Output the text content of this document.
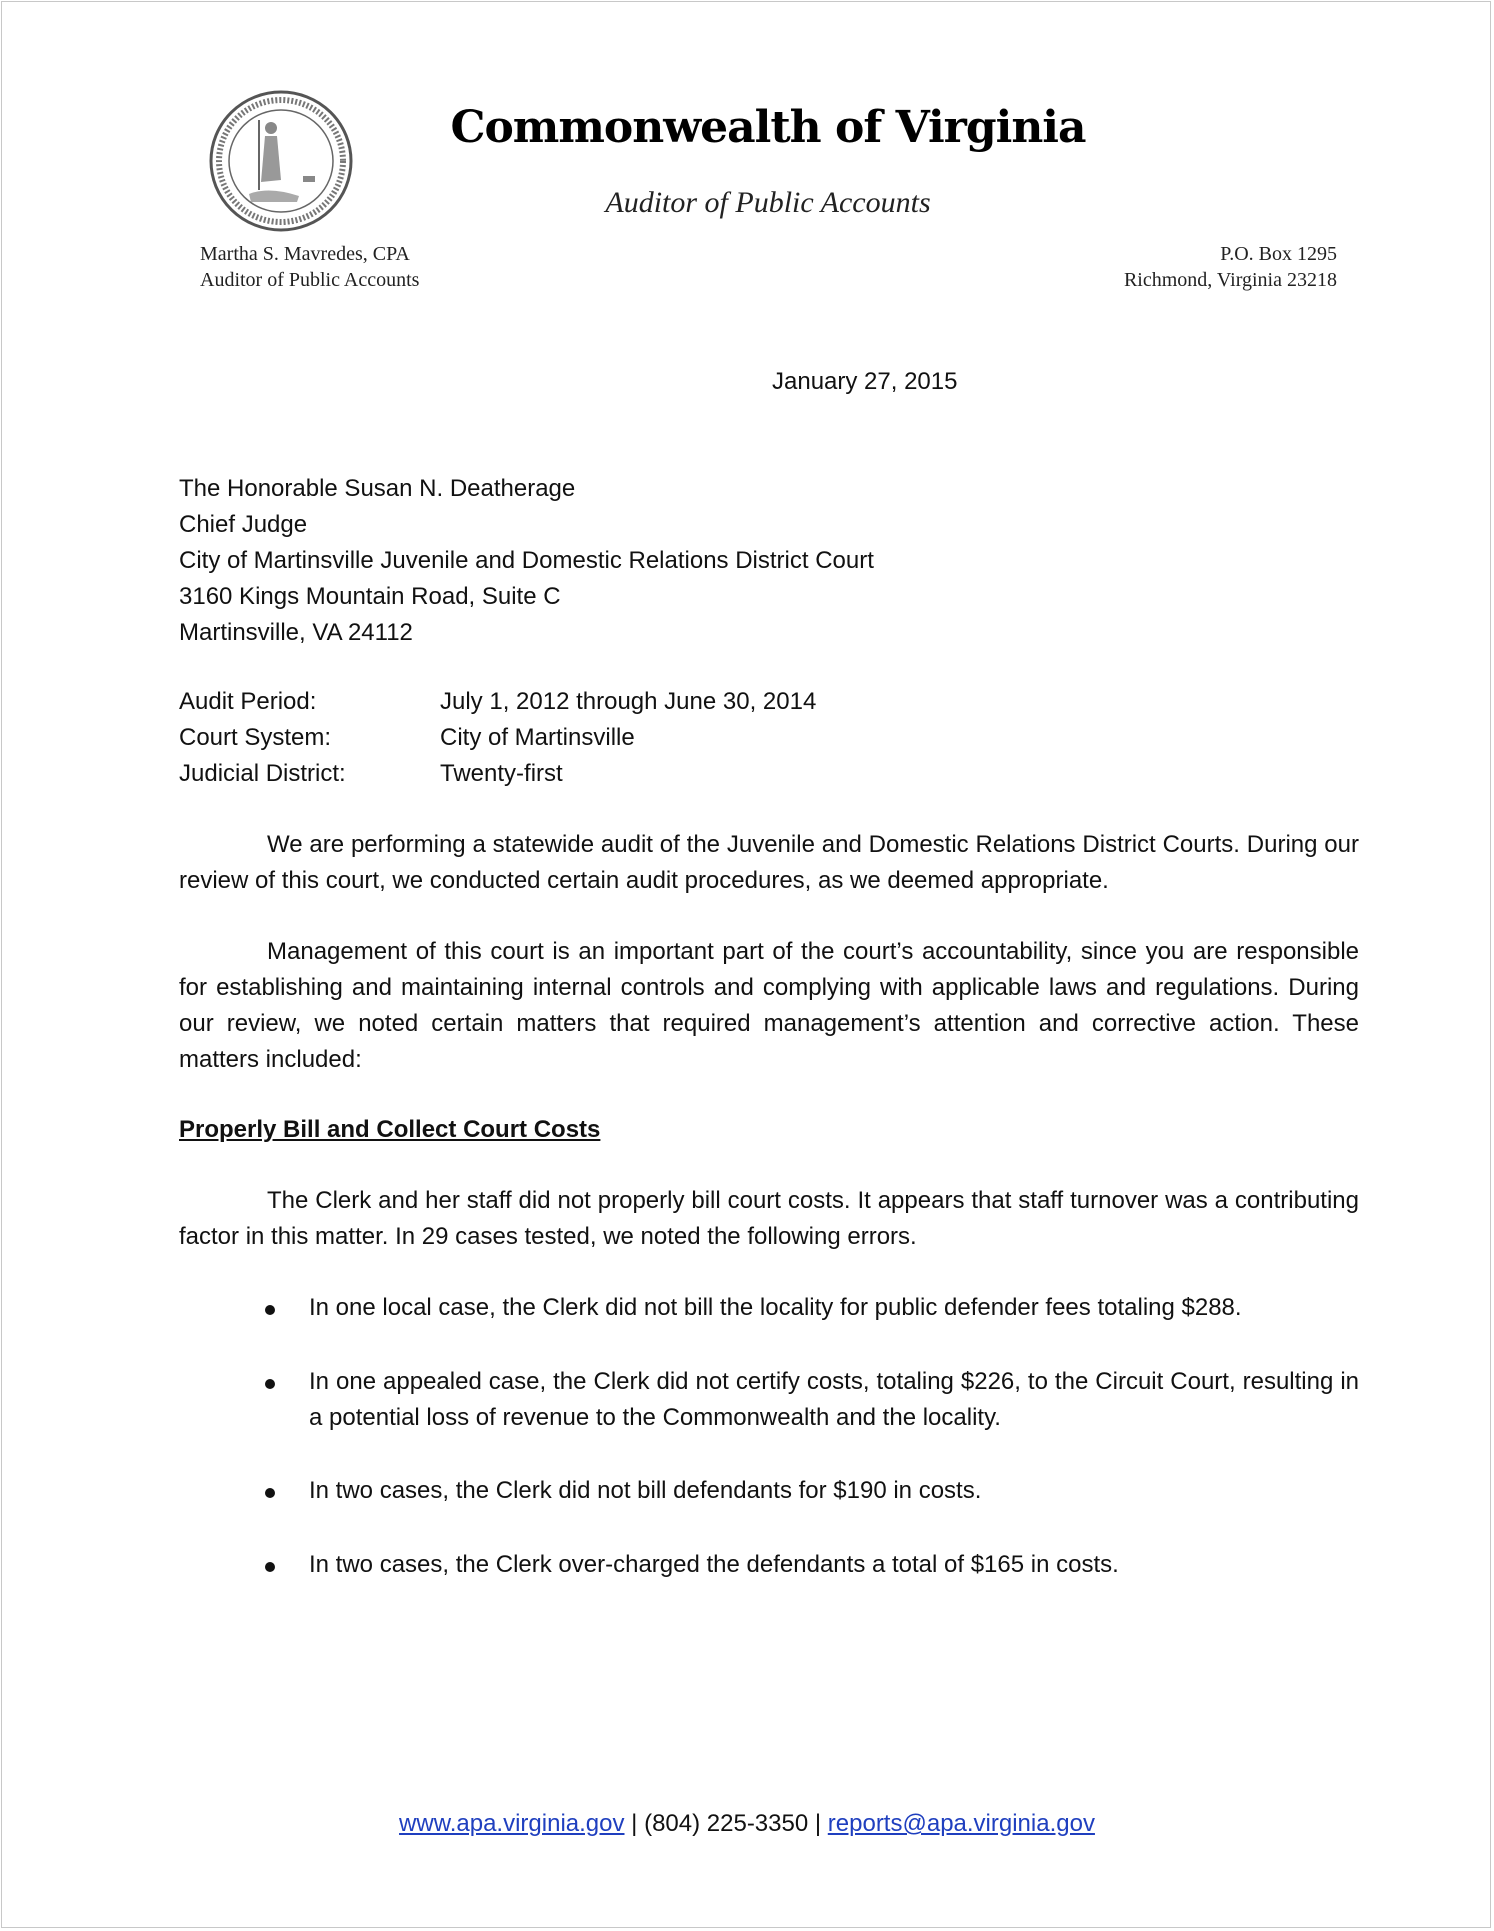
Commonwealth of Virginia
Auditor of Public Accounts
Martha S. Mavredes, CPA
Auditor of Public Accounts
P.O. Box 1295
Richmond, Virginia 23218
January 27, 2015
The Honorable Susan N. Deatherage
Chief Judge
City of Martinsville Juvenile and Domestic Relations District Court
3160 Kings Mountain Road, Suite C
Martinsville, VA 24112
Audit Period:	July 1, 2012 through June 30, 2014
Court System:	City of Martinsville
Judicial District:	Twenty-first
We are performing a statewide audit of the Juvenile and Domestic Relations District Courts. During our review of this court, we conducted certain audit procedures, as we deemed appropriate.
Management of this court is an important part of the court’s accountability, since you are responsible for establishing and maintaining internal controls and complying with applicable laws and regulations. During our review, we noted certain matters that required management’s attention and corrective action. These matters included:
Properly Bill and Collect Court Costs
The Clerk and her staff did not properly bill court costs. It appears that staff turnover was a contributing factor in this matter. In 29 cases tested, we noted the following errors.
In one local case, the Clerk did not bill the locality for public defender fees totaling $288.
In one appealed case, the Clerk did not certify costs, totaling $226, to the Circuit Court, resulting in a potential loss of revenue to the Commonwealth and the locality.
In two cases, the Clerk did not bill defendants for $190 in costs.
In two cases, the Clerk over-charged the defendants a total of $165 in costs.
www.apa.virginia.gov | (804) 225-3350 | reports@apa.virginia.gov
